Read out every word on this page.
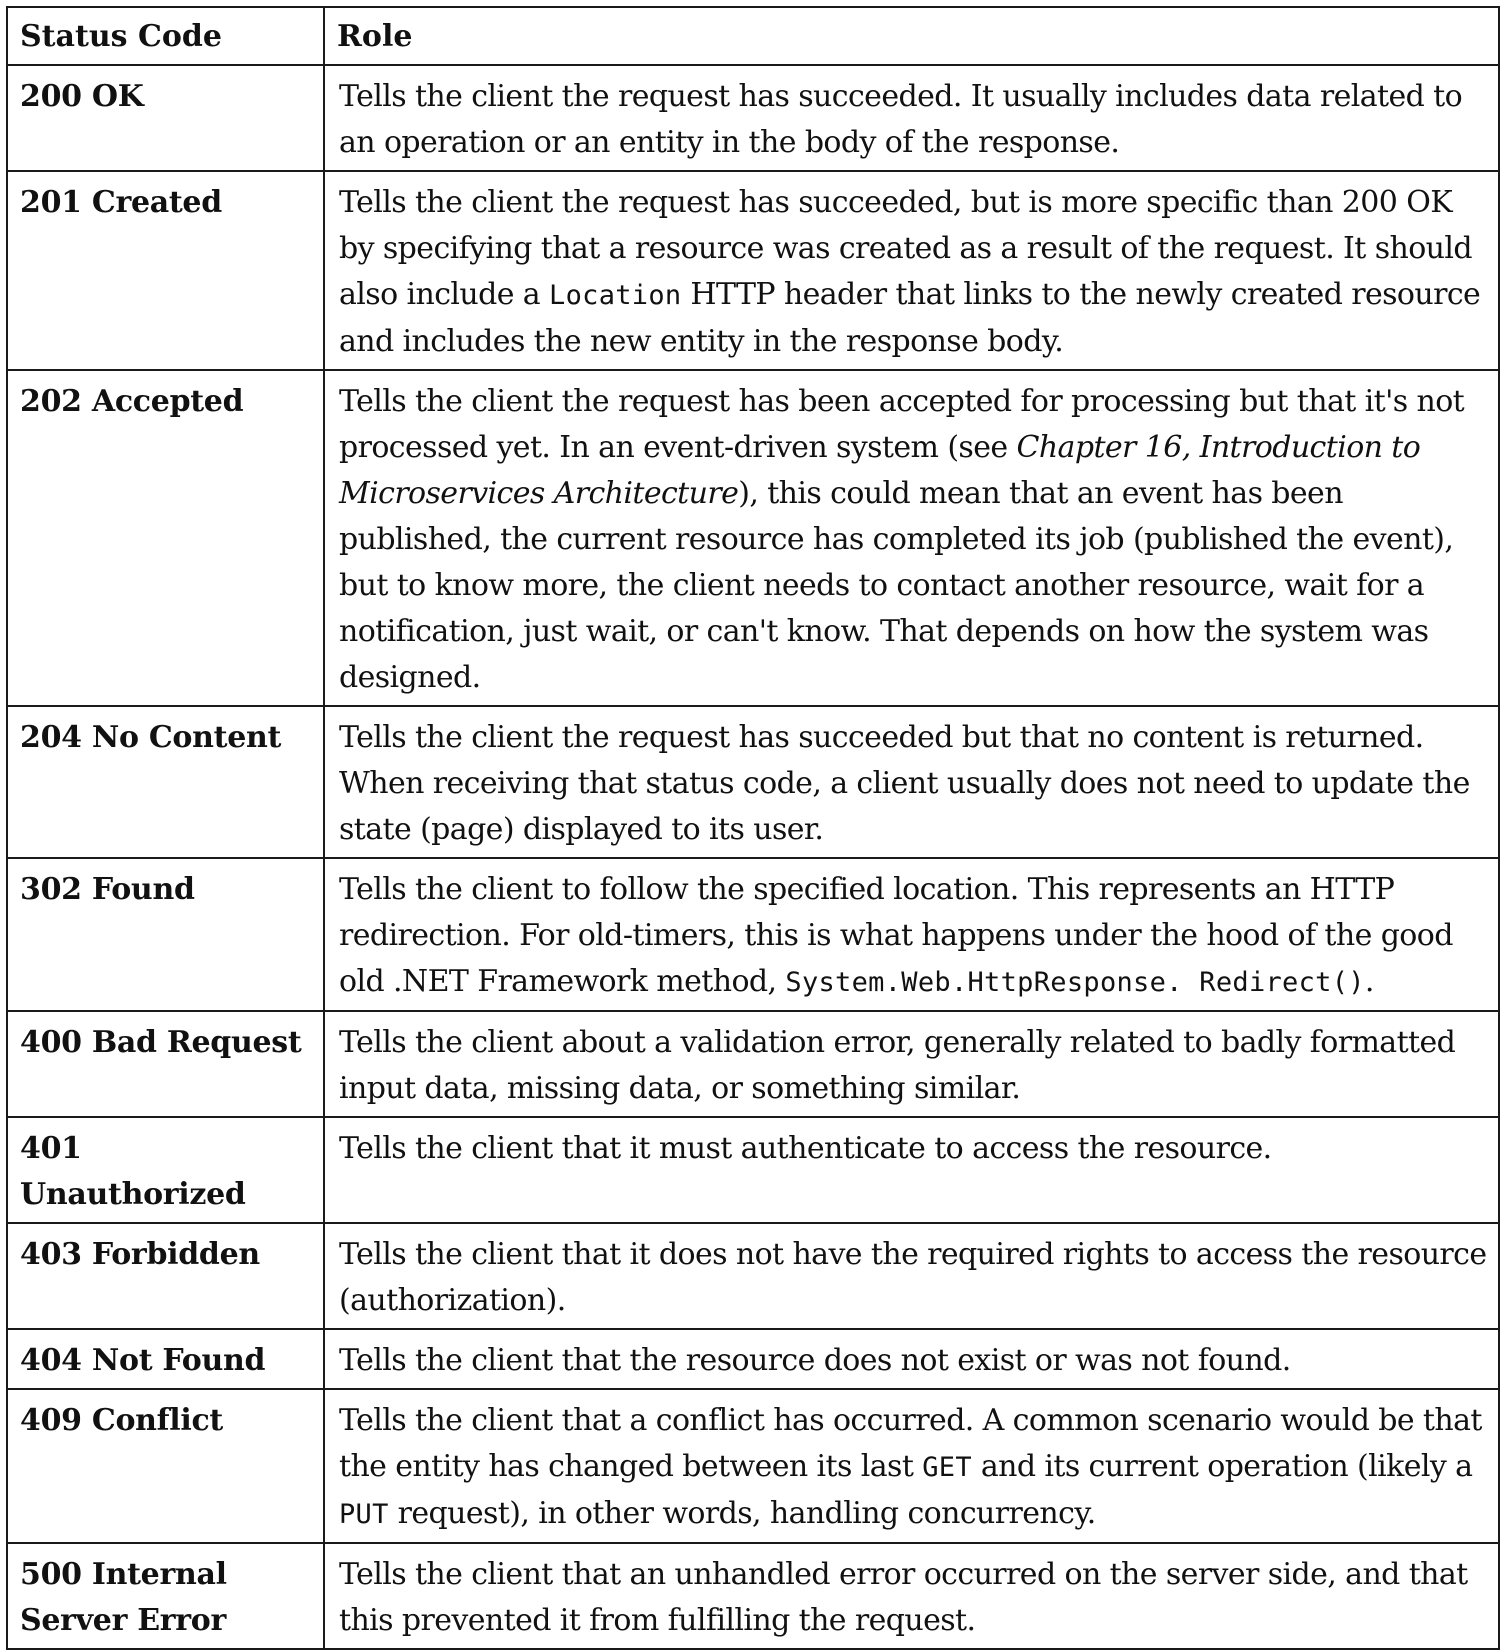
Status Code	Role
200 OK	Tells the client the request has succeeded. It usually includes data related to an operation or an entity in the body of the response.
201 Created	Tells the client the request has succeeded, but is more specific than 200 OK by specifying that a resource was created as a result of the request. It should also include a Location HTTP header that links to the newly created resource and includes the new entity in the response body.
202 Accepted	Tells the client the request has been accepted for processing but that it's not processed yet. In an event-driven system (see Chapter 16, Introduction to Microservices Architecture), this could mean that an event has been published, the current resource has completed its job (published the event), but to know more, the client needs to contact another resource, wait for a notification, just wait, or can't know. That depends on how the system was designed.
204 No Content	Tells the client the request has succeeded but that no content is returned. When receiving that status code, a client usually does not need to update the state (page) displayed to its user.
302 Found	Tells the client to follow the specified location. This represents an HTTP redirection. For old-timers, this is what happens under the hood of the good old .NET Framework method, System.Web.HttpResponse. Redirect().
400 Bad Request	Tells the client about a validation error, generally related to badly formatted input data, missing data, or something similar.
401 Unauthorized	Tells the client that it must authenticate to access the resource.
403 Forbidden	Tells the client that it does not have the required rights to access the resource (authorization).
404 Not Found	Tells the client that the resource does not exist or was not found.
409 Conflict	Tells the client that a conflict has occurred. A common scenario would be that the entity has changed between its last GET and its current operation (likely a PUT request), in other words, handling concurrency.
500 Internal Server Error	Tells the client that an unhandled error occurred on the server side, and that this prevented it from fulfilling the request.
